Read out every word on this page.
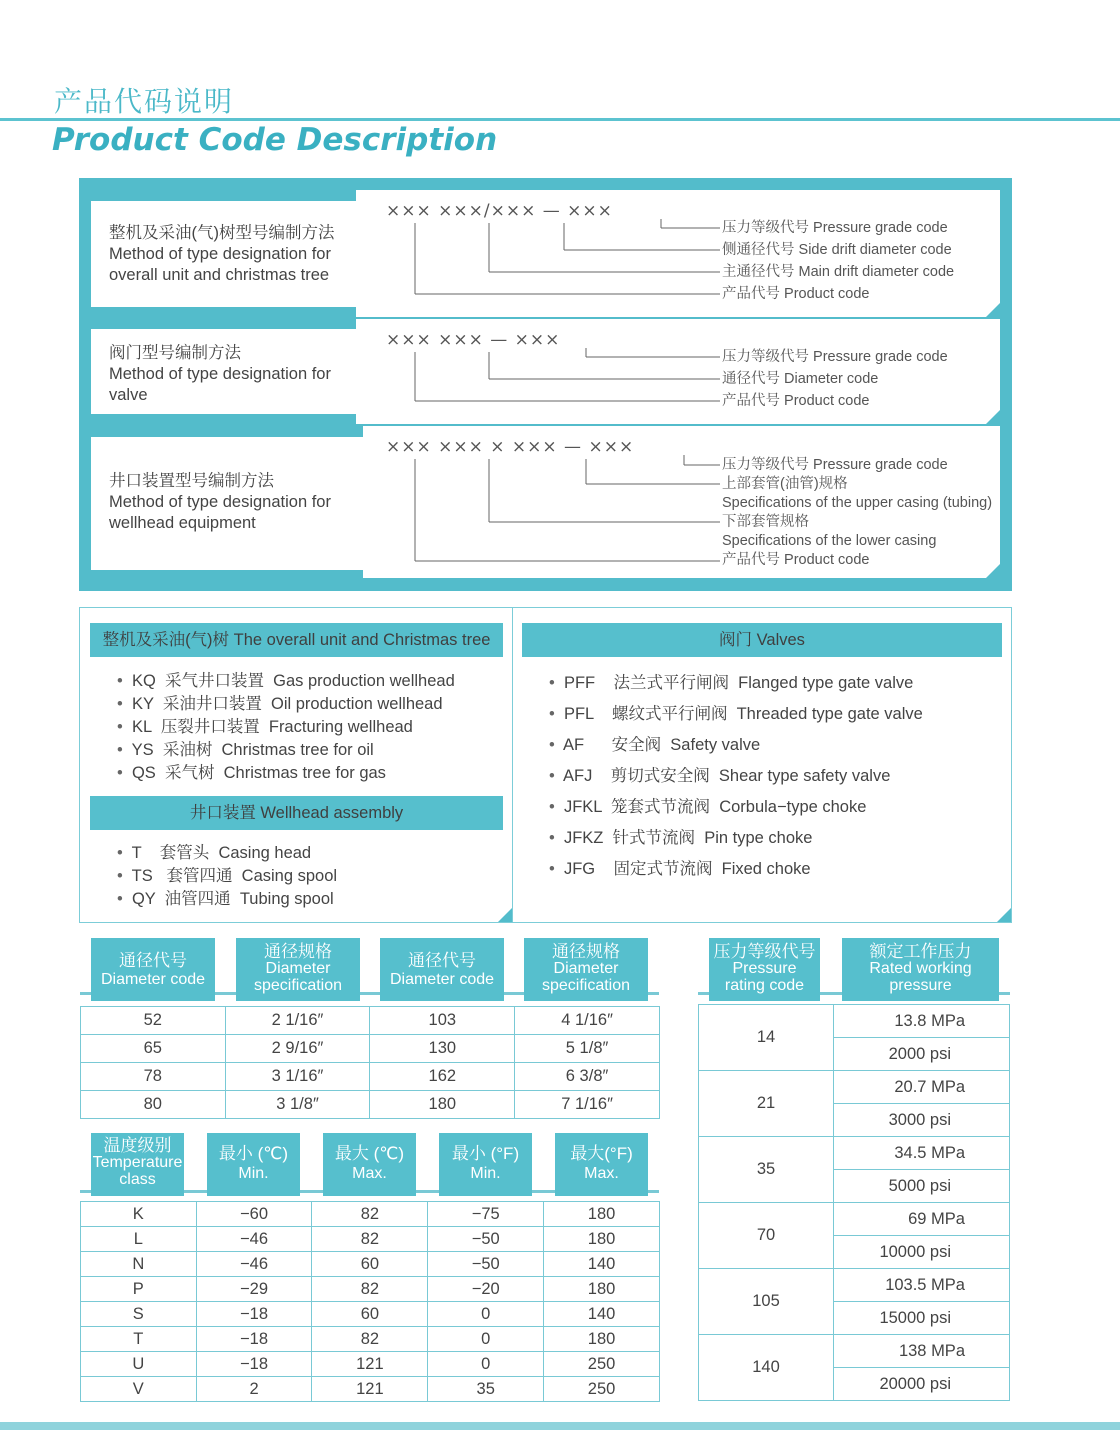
产品代码说明
Product Code Description
整机及采油(气)树型号编制方法
Method of type designation for
overall unit and christmas tree
××× ×××/××× — ×××
压力等级代号 Pressure grade code
侧通径代号 Side drift diameter code
主通径代号 Main drift diameter code
产品代号 Product code
阀门型号编制方法
Method of type designation for
valve
××× ××× — ×××
压力等级代号 Pressure grade code
通径代号 Diameter code
产品代号 Product code
井口装置型号编制方法
Method of type designation for
wellhead equipment
××× ××× × ××× — ×××
压力等级代号 Pressure grade code
上部套管(油管)规格
Specifications of the upper casing (tubing)
下部套管规格
Specifications of the lower casing
产品代号 Product code
整机及采油(气)树 The overall unit and Christmas tree
•  KQ  采气井口装置  Gas production wellhead
•  KY  采油井口装置  Oil production wellhead
•  KL  压裂井口装置  Fracturing wellhead
•  YS  采油树  Christmas tree for oil
•  QS  采气树  Christmas tree for gas
井口装置 Wellhead assembly
•  T    套管头  Casing head
•  TS   套管四通  Casing spool
•  QY  油管四通  Tubing spool
阀门 Valves
•  PFF    法兰式平行闸阀  Flanged type gate valve
•  PFL    螺纹式平行闸阀  Threaded type gate valve
•  AF      安全阀  Safety valve
•  AFJ    剪切式安全阀  Shear type safety valve
•  JFKL  笼套式节流阀  Corbula−type choke
•  JFKZ  针式节流阀  Pin type choke
•  JFG    固定式节流阀  Fixed choke
通径代号
Diameter code
通径规格
Diameter
specification
通径代号
Diameter code
通径规格
Diameter
specification
52	2 1/16″	103	4 1/16″
65	2 9/16″	130	5 1/8″
78	3 1/16″	162	6 3/8″
80	3 1/8″	180	7 1/16″
温度级别
Temperature
class
最小 (℃)
Min.
最大 (℃)
Max.
最小 (°F)
Min.
最大(°F)
Max.
K	−60	82	−75	180
L	−46	82	−50	180
N	−46	60	−50	140
P	−29	82	−20	180
S	−18	60	0	140
T	−18	82	0	180
U	−18	121	0	250
V	2	121	35	250
压力等级代号
Pressure
rating code
额定工作压力
Rated working
pressure
14	13.8 MPa
	2000 psi
21	20.7 MPa
	3000 psi
35	34.5 MPa
	5000 psi
70	69 MPa
	10000 psi
105	103.5 MPa
	15000 psi
140	138 MPa
	20000 psi
